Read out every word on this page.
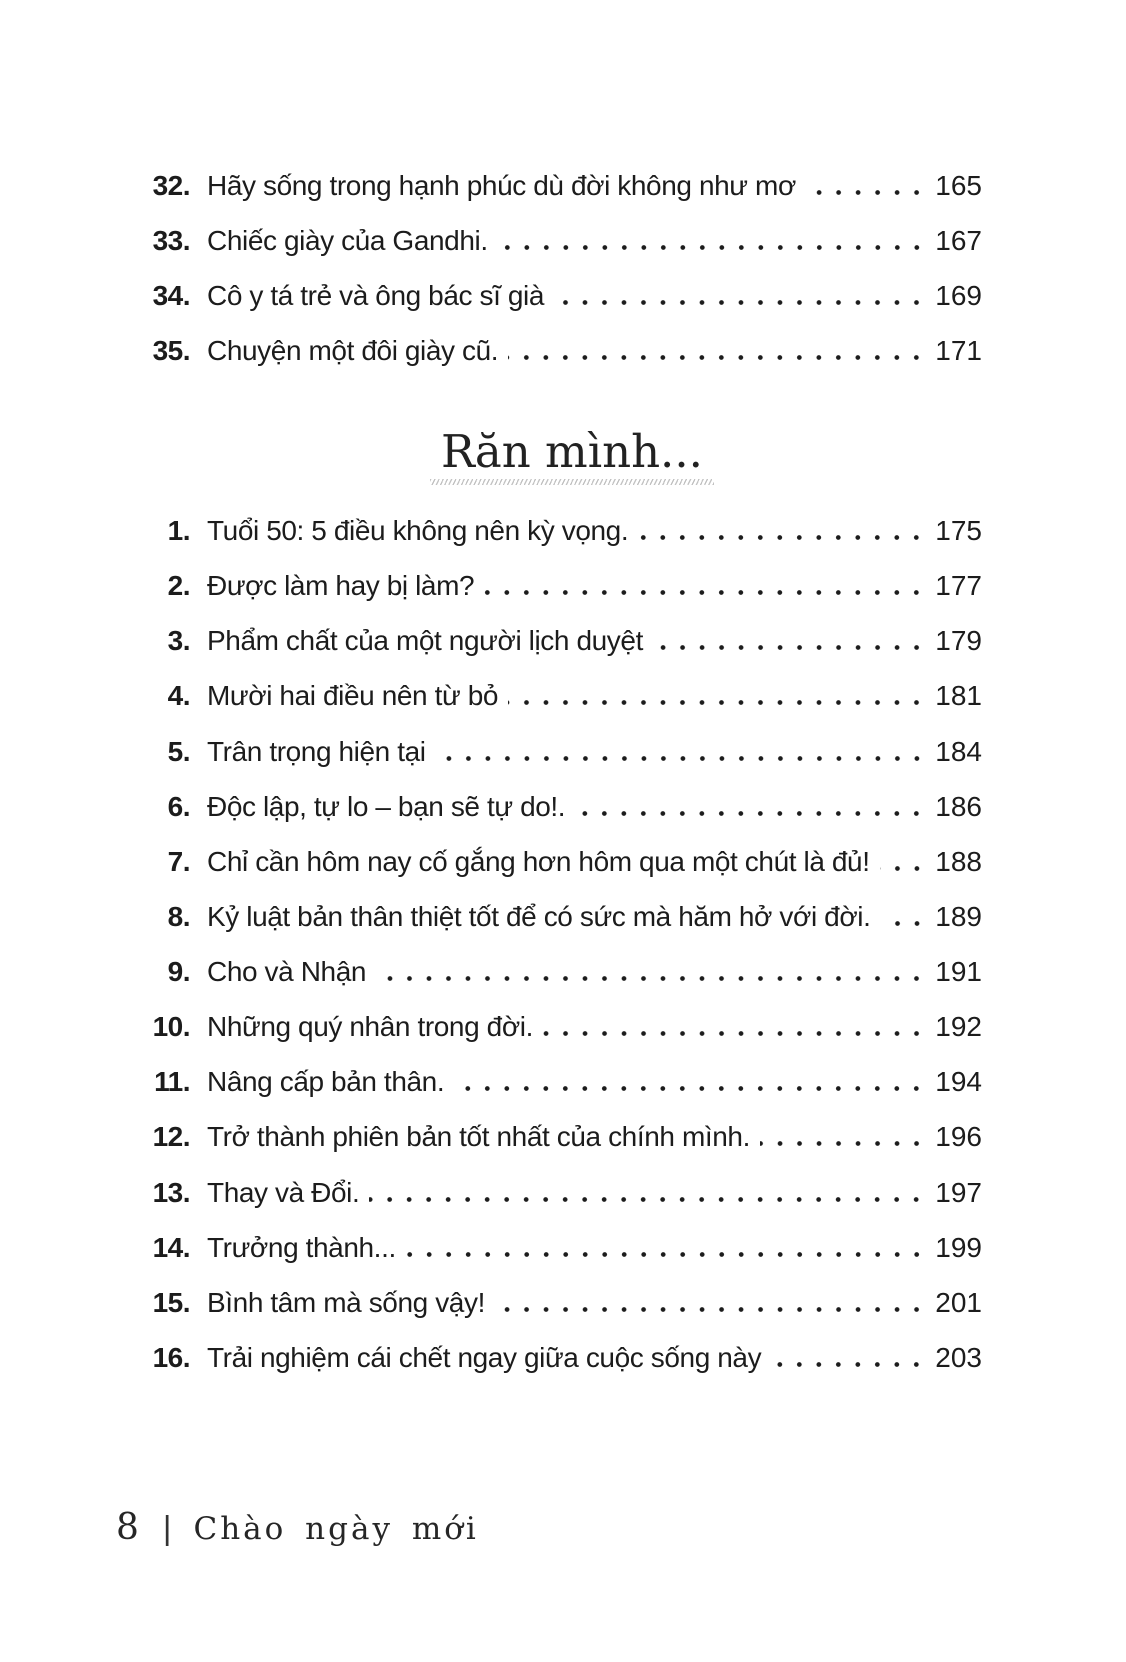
32. Hãy sống trong hạnh phúc dù đời không như mơ	165
33. Chiếc giày của Gandhi.	167
34. Cô y tá trẻ và ông bác sĩ già	169
35. Chuyện một đôi giày cũ.	171
Răn mình...
1. Tuổi 50: 5 điều không nên kỳ vọng.	175
2. Được làm hay bị làm?	177
3. Phẩm chất của một người lịch duyệt	179
4. Mười hai điều nên từ bỏ	181
5. Trân trọng hiện tại	184
6. Độc lập, tự lo – bạn sẽ tự do!.	186
7. Chỉ cần hôm nay cố gắng hơn hôm qua một chút là đủ! 188
8. Kỷ luật bản thân thiệt tốt để có sức mà hăm hở với đời. 189
9. Cho và Nhận	191
10. Những quý nhân trong đời.	192
11. Nâng cấp bản thân.	194
12. Trở thành phiên bản tốt nhất của chính mình.	196
13. Thay và Đổi.	197
14. Trưởng thành...	199
15. Bình tâm mà sống vậy!	201
16. Trải nghiệm cái chết ngay giữa cuộc sống này	203
8 | Chào ngày mới
